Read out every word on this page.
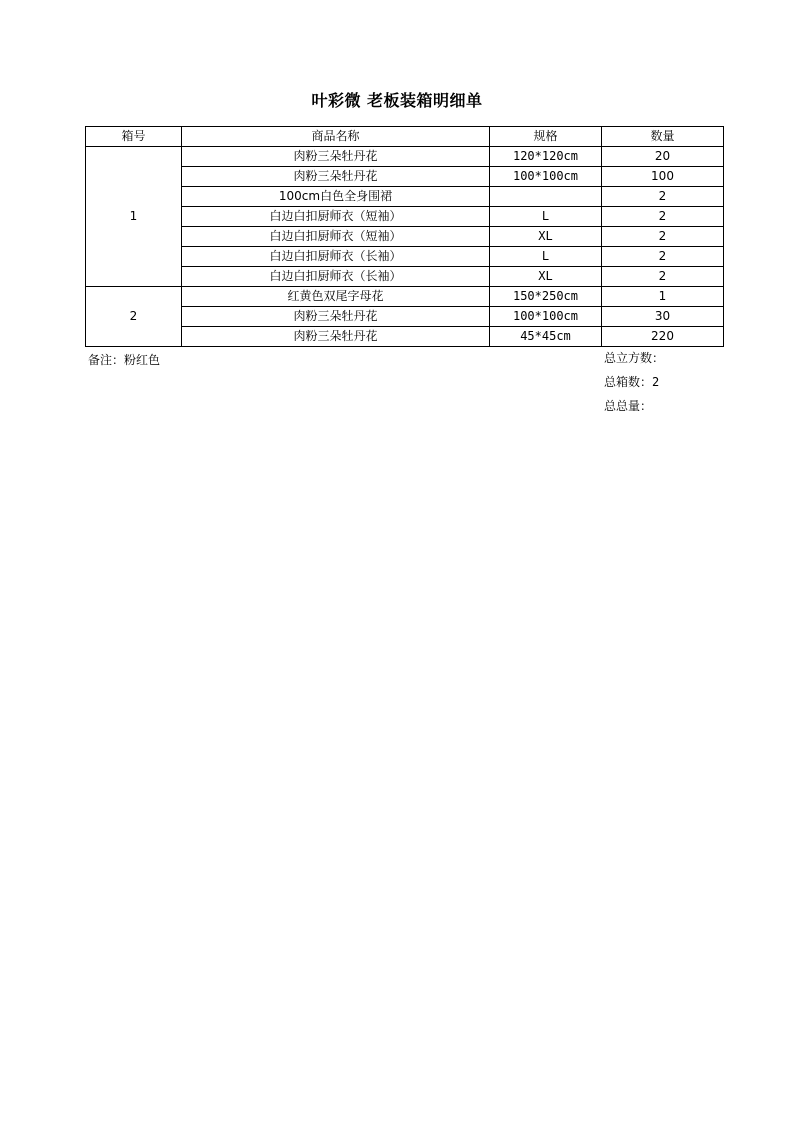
叶彩微 老板装箱明细单
箱号	商品名称	规格	数量
1	肉粉三朵牡丹花	120*120cm	20
	肉粉三朵牡丹花	100*100cm	100
	100cm白色全身围裙		2
	白边白扣厨师衣（短袖）	L	2
	白边白扣厨师衣（短袖）	XL	2
	白边白扣厨师衣（长袖）	L	2
	白边白扣厨师衣（长袖）	XL	2
2	红黄色双尾字母花	150*250cm	1
	肉粉三朵牡丹花	100*100cm	30
	肉粉三朵牡丹花	45*45cm	220
备注：粉红色	总立方数：
总箱数：2
总总量：
